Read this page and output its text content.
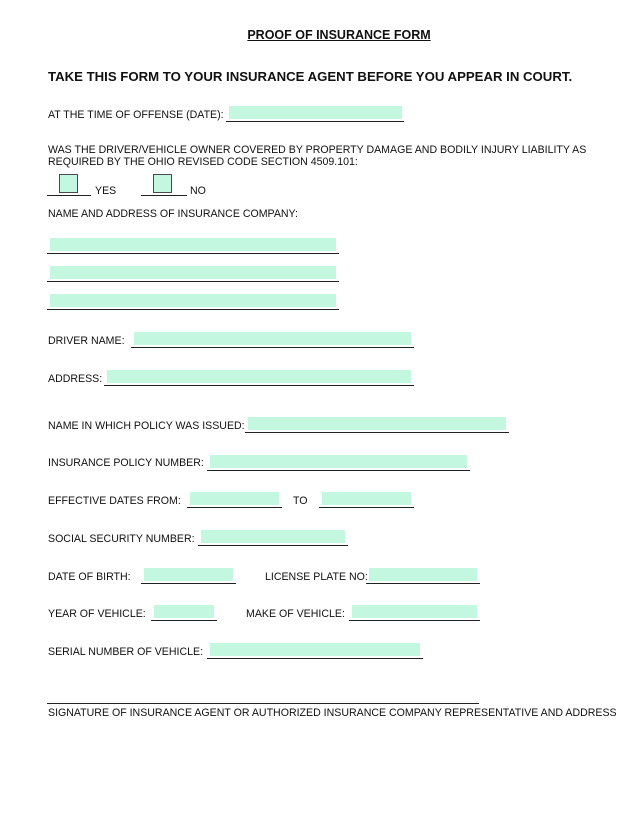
PROOF OF INSURANCE FORM
TAKE THIS FORM TO YOUR INSURANCE AGENT BEFORE YOU APPEAR IN COURT.
AT THE TIME OF OFFENSE (DATE):
WAS THE DRIVER/VEHICLE OWNER COVERED BY PROPERTY DAMAGE AND BODILY INJURY LIABILITY AS
REQUIRED BY THE OHIO REVISED CODE SECTION 4509.101:
YES	NO
NAME AND ADDRESS OF INSURANCE COMPANY:
DRIVER NAME:
ADDRESS:
NAME IN WHICH POLICY WAS ISSUED:
INSURANCE POLICY NUMBER:
EFFECTIVE DATES FROM:	TO
SOCIAL SECURITY NUMBER:
DATE OF BIRTH:	LICENSE PLATE NO:
YEAR OF VEHICLE:	MAKE OF VEHICLE:
SERIAL NUMBER OF VEHICLE:
SIGNATURE OF INSURANCE AGENT OR AUTHORIZED INSURANCE COMPANY REPRESENTATIVE AND ADDRESS
